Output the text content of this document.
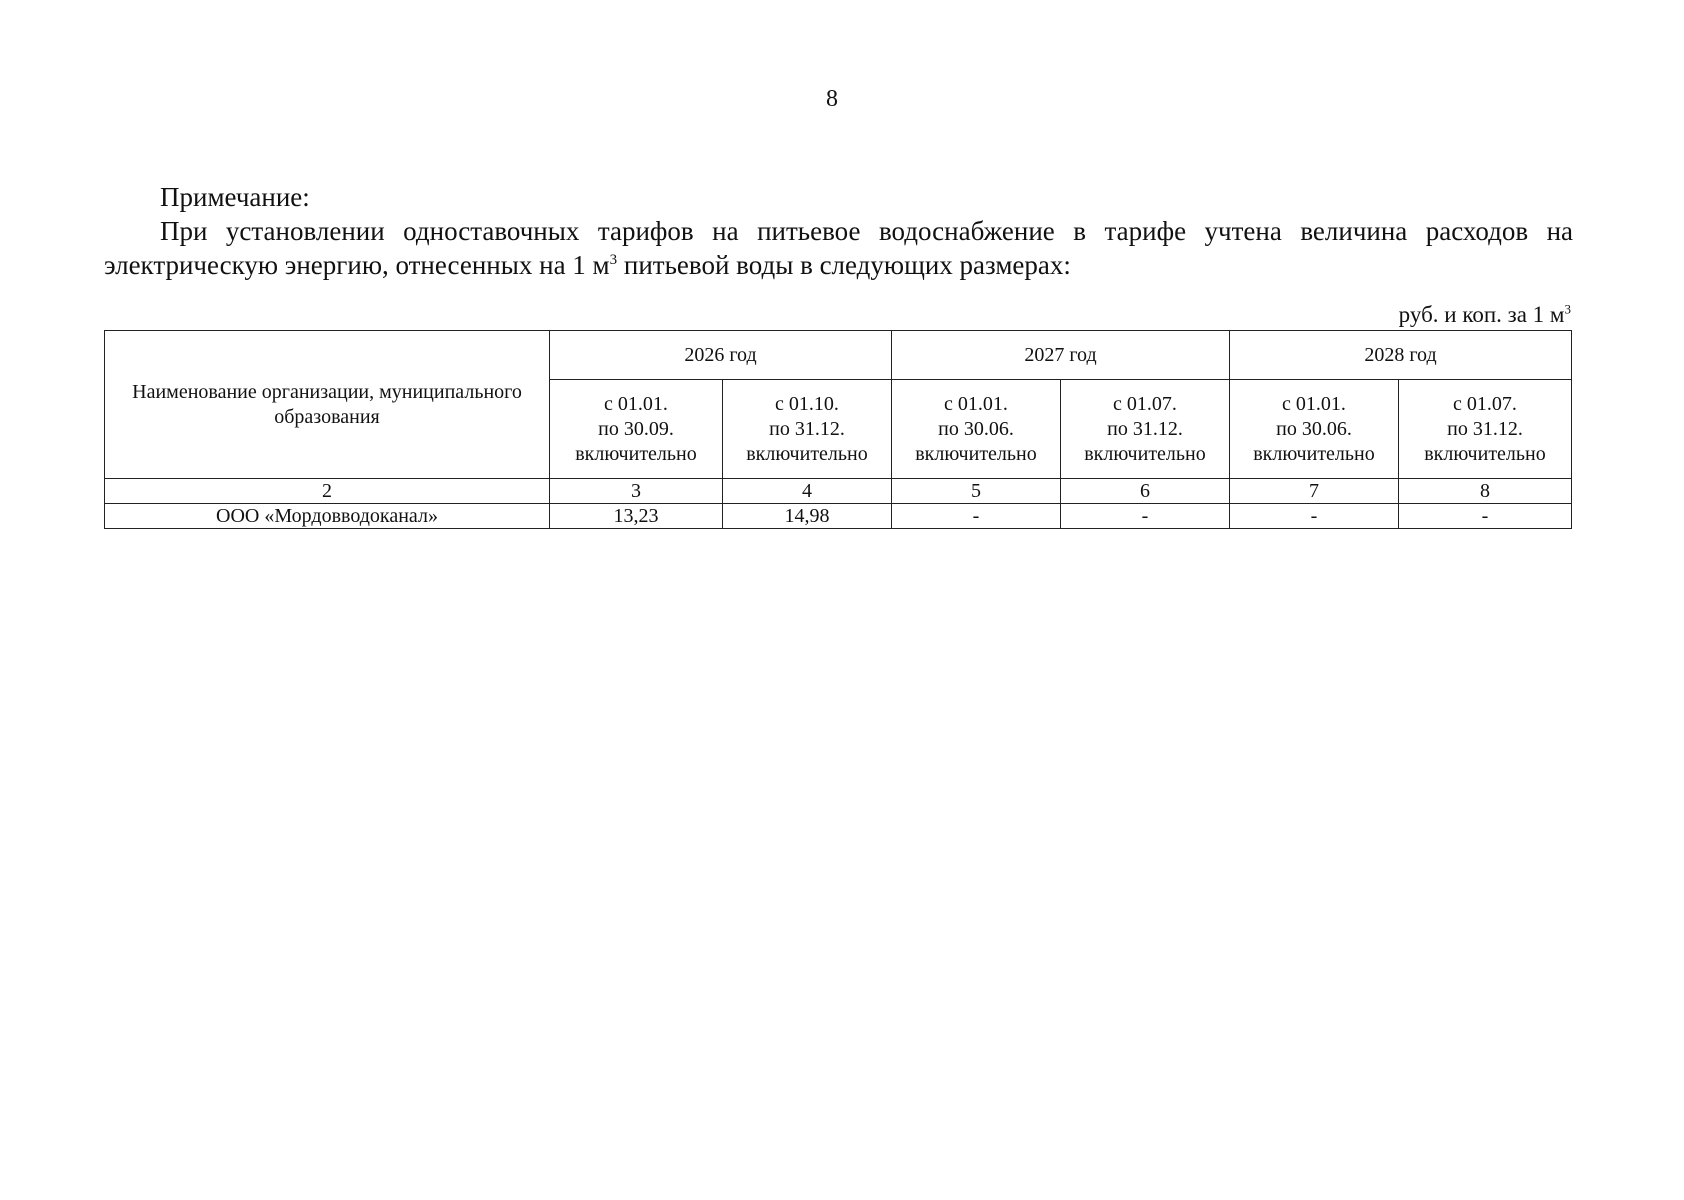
8

Примечание:

При установлении одноставочных тарифов на питьевое водоснабжение в тарифе учтена величина расходов на электрическую энергию, отнесенных на 1 $м^3$ питьевой воды в следующих размерах:

руб. и коп. за 1 $м^3$
Наименование организации, муниципального образования	2026 год		2027 год		2028 год	
	с 01.01.
по 30.09.
включительно	с 01.10.
по 31.12.
включительно	с 01.01.
по 30.06.
включительно	с 01.07.
по 31.12.
включительно	с 01.01.
по 30.06.
включительно	с 01.07.
по 31.12.
включительно
2	3	4	5	6	7	8
ООО «Мордовводоканал»	13,23	14,98	-	-	-	-
